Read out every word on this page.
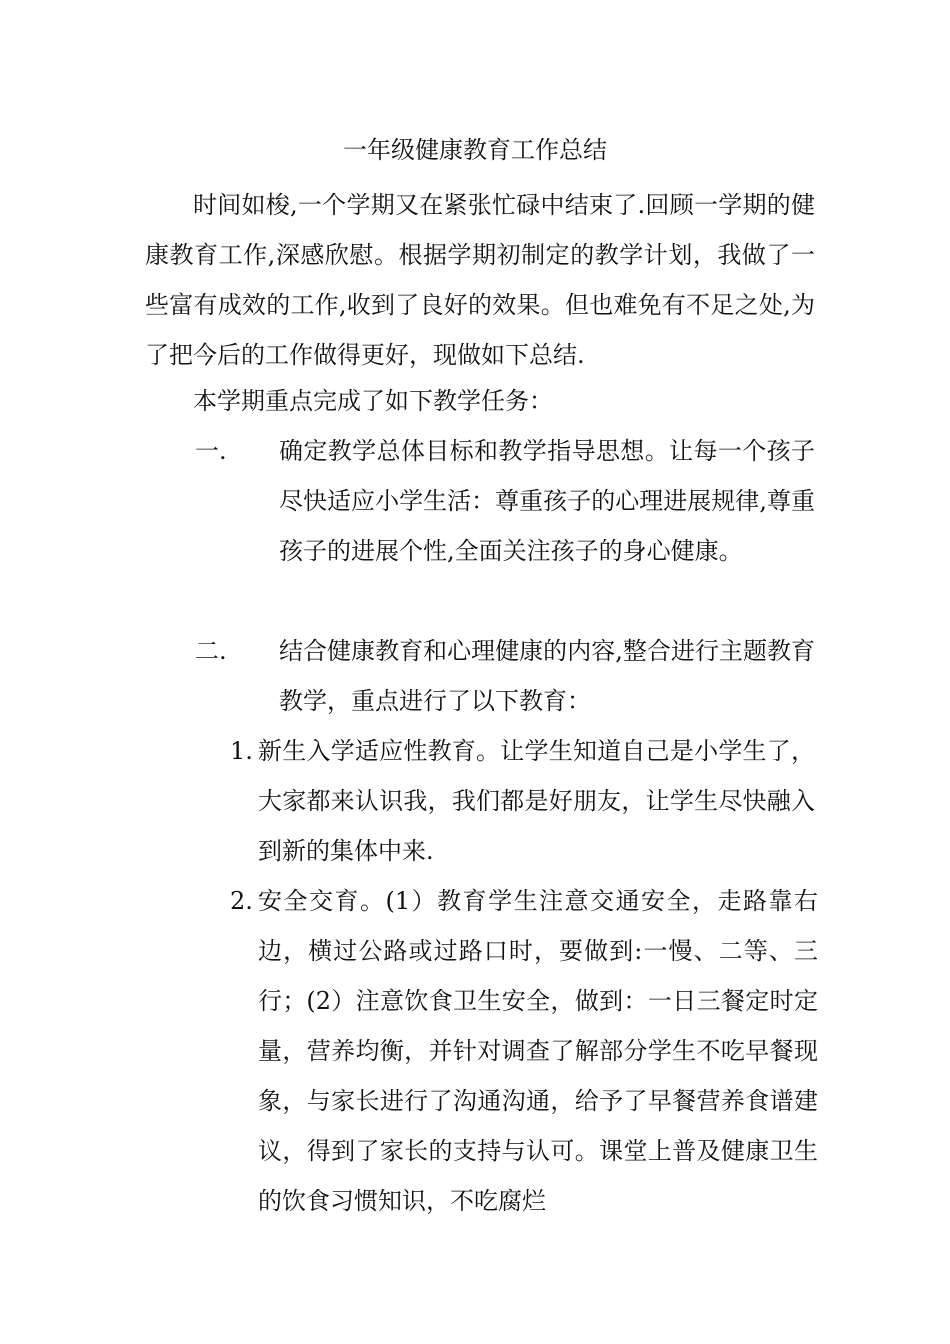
一年级健康教育工作总结

时间如梭,一个学期又在紧张忙碌中结束了.回顾一学期的健康教育工作,深感欣慰。根据学期初制定的教学计划，我做了一些富有成效的工作,收到了良好的效果。但也难免有不足之处,为了把今后的工作做得更好，现做如下总结.

本学期重点完成了如下教学任务：

一. 确定教学总体目标和教学指导思想。让每一个孩子尽快适应小学生活：尊重孩子的心理进展规律,尊重孩子的进展个性,全面关注孩子的身心健康。
二. 结合健康教育和心理健康的内容,整合进行主题教育教学，重点进行了以下教育：
1. 新生入学适应性教育。让学生知道自己是小学生了，大家都来认识我，我们都是好朋友，让学生尽快融入到新的集体中来.
2. 安全交育。(1）教育学生注意交通安全，走路靠右边，横过公路或过路口时，要做到:一慢、二等、三行；(2）注意饮食卫生安全，做到：一日三餐定时定量，营养均衡，并针对调查了解部分学生不吃早餐现象，与家长进行了沟通沟通，给予了早餐营养食谱建议，得到了家长的支持与认可。课堂上普及健康卫生的饮食习惯知识，不吃腐烂
